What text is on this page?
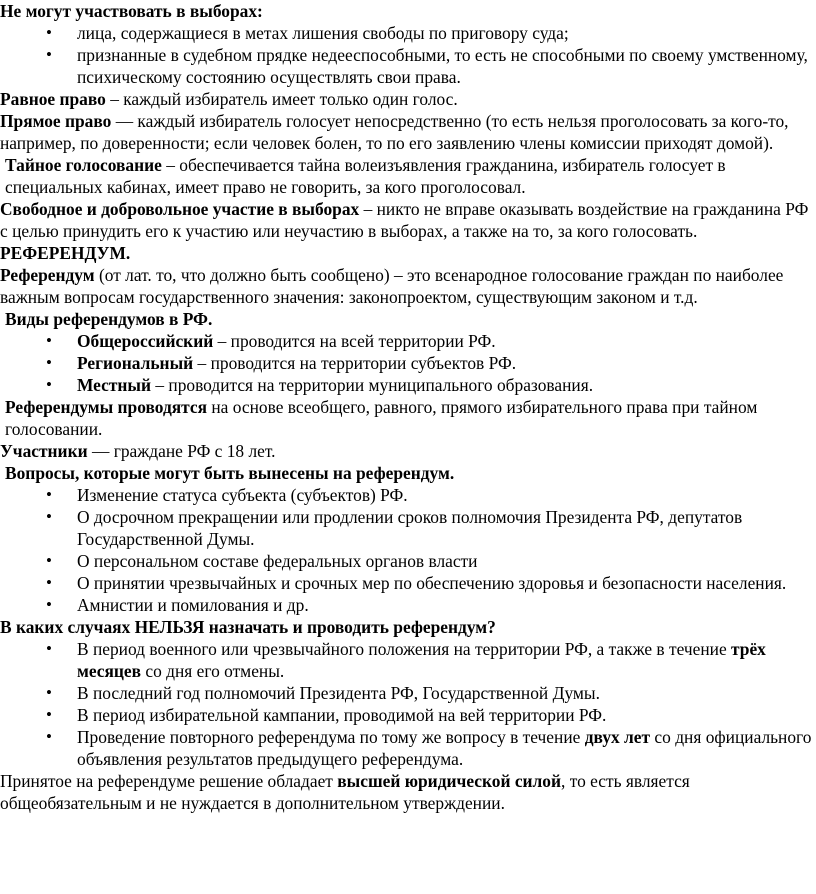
Не могут участвовать в выборах:

• лица, содержащиеся в метах лишения свободы по приговору суда;
• признанные в судебном прядке недееспособными, то есть не способными по своему умственному, психическому состоянию осуществлять свои права.

Равное право – каждый избиратель имеет только один голос.

Прямое право — каждый избиратель голосует непосредственно (то есть нельзя проголосовать за кого-то, например, по доверенности; если человек болен, то по его заявлению члены комиссии приходят домой).

Тайное голосование – обеспечивается тайна волеизъявления гражданина, избиратель голосует в специальных кабинах, имеет право не говорить, за кого проголосовал.

Свободное и добровольное участие в выборах – никто не вправе оказывать воздействие на гражданина РФ с целью принудить его к участию или неучастию в выборах, а также на то, за кого голосовать.

РЕФЕРЕНДУМ.

Референдум (от лат. то, что должно быть сообщено) – это всенародное голосование граждан по наиболее важным вопросам государственного значения: законопроектом, существующим законом и т.д.

Виды референдумов в РФ.

• Общероссийский – проводится на всей территории РФ.
• Региональный – проводится на территории субъектов РФ.
• Местный – проводится на территории муниципального образования.

Референдумы проводятся на основе всеобщего, равного, прямого избирательного права при тайном голосовании.

Участники — граждане РФ с 18 лет.

Вопросы, которые могут быть вынесены на референдум.

• Изменение статуса субъекта (субъектов) РФ.
• О досрочном прекращении или продлении сроков полномочия Президента РФ, депутатов Государственной Думы.
• О персональном составе федеральных органов власти
• О принятии чрезвычайных и срочных мер по обеспечению здоровья и безопасности населения.
• Амнистии и помилования и др.

В каких случаях НЕЛЬЗЯ назначать и проводить референдум?

• В период военного или чрезвычайного положения на территории РФ, а также в течение трёх месяцев со дня его отмены.
• В последний год полномочий Президента РФ, Государственной Думы.
• В период избирательной кампании, проводимой на вей территории РФ.
• Проведение повторного референдума по тому же вопросу в течение двух лет со дня официального объявления результатов предыдущего референдума.

Принятое на референдуме решение обладает высшей юридической силой, то есть является общеобязательным и не нуждается в дополнительном утверждении.
